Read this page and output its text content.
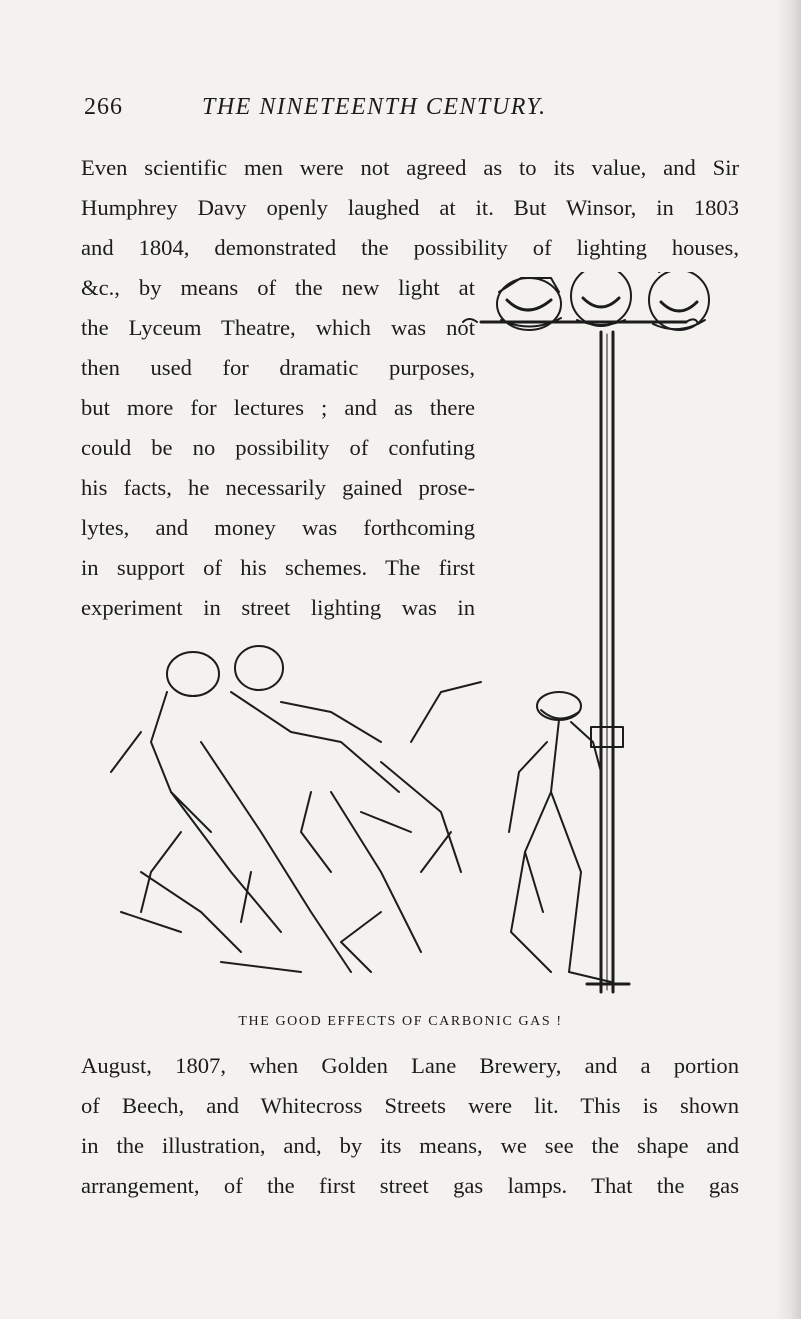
266	THE NINETEENTH CENTURY.
Even scientific men were not agreed as to its value, and Sir
Humphrey Davy openly laughed at it. But Winsor, in 1803
and 1804, demonstrated the possibility of lighting houses,
&c., by means of the new light at
the Lyceum Theatre, which was not
then used for dramatic purposes,
but more for lectures ; and as there
could be no possibility of confuting
his facts, he necessarily gained prose-
lytes, and money was forthcoming
in support of his schemes. The first
experiment in street lighting was in
THE GOOD EFFECTS OF CARBONIC GAS !
August, 1807, when Golden Lane Brewery, and a portion
of Beech, and Whitecross Streets were lit. This is shown
in the illustration, and, by its means, we see the shape and
arrangement, of the first street gas lamps. That the gas
